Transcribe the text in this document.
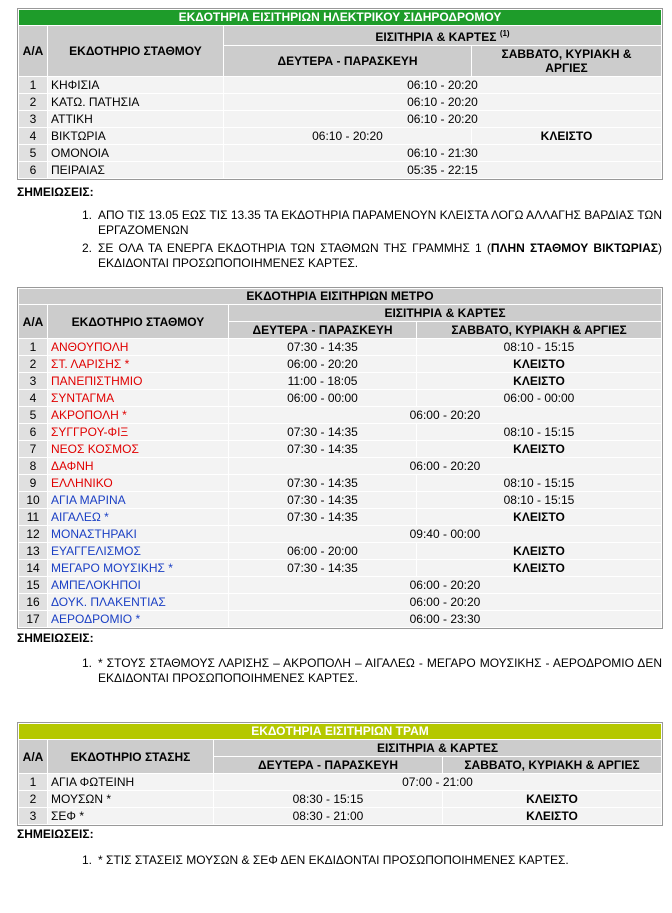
ΕΚΔΟΤΗΡΙΑ ΕΙΣΙΤΗΡΙΩΝ ΗΛΕΚΤΡΙΚΟΥ ΣΙΔΗΡΟΔΡΟΜΟΥ			
Α/Α	ΕΚΔΟΤΗΡΙΟ ΣΤΑΘΜΟΥ	ΕΙΣΙΤΗΡΙΑ & ΚΑΡΤΕΣ $^{(1)}$
		ΔΕΥΤΕΡΑ - ΠΑΡΑΣΚΕΥΗ	ΣΑΒΒΑΤΟ, ΚΥΡΙΑΚΗ & ΑΡΓΙΕΣ
1	ΚΗΦΙΣΙΑ	06:10 - 20:20	
2	ΚΑΤΩ. ΠΑΤΗΣΙΑ	06:10 - 20:20	
3	ΑΤΤΙΚΗ	06:10 - 20:20	
4	ΒΙΚΤΩΡΙΑ	06:10 - 20:20	ΚΛΕΙΣΤΟ
5	ΟΜΟΝΟΙΑ	06:10 - 21:30	
6	ΠΕΙΡΑΙΑΣ	05:35 - 22:15	
ΣΗΜΕΙΩΣΕΙΣ:
1. ΑΠΟ ΤΙΣ 13.05 ΕΩΣ ΤΙΣ 13.35 ΤΑ ΕΚΔΟΤΗΡΙΑ ΠΑΡΑΜΕΝΟΥΝ ΚΛΕΙΣΤΑ ΛΟΓΩ ΑΛΛΑΓΗΣ ΒΑΡΔΙΑΣ ΤΩΝ ΕΡΓΑΖΟΜΕΝΩΝ
2. ΣΕ ΟΛΑ ΤΑ ΕΝΕΡΓΑ ΕΚΔΟΤΗΡΙΑ ΤΩΝ ΣΤΑΘΜΩΝ ΤΗΣ ΓΡΑΜΜΗΣ 1 (ΠΛΗΝ ΣΤΑΘΜΟΥ ΒΙΚΤΩΡΙΑΣ) ΕΚΔΙΔΟΝΤΑΙ ΠΡΟΣΩΠΟΠΟΙΗΜΕΝΕΣ ΚΑΡΤΕΣ.
ΕΚΔΟΤΗΡΙΑ ΕΙΣΙΤΗΡΙΩΝ ΜΕΤΡΟ			
Α/Α	ΕΚΔΟΤΗΡΙΟ ΣΤΑΘΜΟΥ	ΕΙΣΙΤΗΡΙΑ & ΚΑΡΤΕΣ	
		ΔΕΥΤΕΡΑ - ΠΑΡΑΣΚΕΥΗ	ΣΑΒΒΑΤΟ, ΚΥΡΙΑΚΗ & ΑΡΓΙΕΣ
1	ΑΝΘΟΥΠΟΛΗ	07:30 - 14:35	08:10 - 15:15
2	ΣΤ. ΛΑΡΙΣΗΣ *	06:00 - 20:20	ΚΛΕΙΣΤΟ
3	ΠΑΝΕΠΙΣΤΗΜΙΟ	11:00 - 18:05	ΚΛΕΙΣΤΟ
4	ΣΥΝΤΑΓΜΑ	06:00 - 00:00	06:00 - 00:00
5	ΑΚΡΟΠΟΛΗ *	06:00 - 20:20	
6	ΣΥΓΓΡΟΥ-ΦΙΞ	07:30 - 14:35	08:10 - 15:15
7	ΝΕΟΣ ΚΟΣΜΟΣ	07:30 - 14:35	ΚΛΕΙΣΤΟ
8	ΔΑΦΝΗ	06:00 - 20:20	
9	ΕΛΛΗΝΙΚΟ	07:30 - 14:35	08:10 - 15:15
10	ΑΓΙΑ ΜΑΡΙΝΑ	07:30 - 14:35	08:10 - 15:15
11	ΑΙΓΑΛΕΩ *	07:30 - 14:35	ΚΛΕΙΣΤΟ
12	ΜΟΝΑΣΤΗΡΑΚΙ	09:40 - 00:00	
13	ΕΥΑΓΓΕΛΙΣΜΟΣ	06:00 - 20:00	ΚΛΕΙΣΤΟ
14	ΜΕΓΑΡΟ ΜΟΥΣΙΚΗΣ *	07:30 - 14:35	ΚΛΕΙΣΤΟ
15	ΑΜΠΕΛΟΚΗΠΟΙ	06:00 - 20:20	
16	ΔΟΥΚ. ΠΛΑΚΕΝΤΙΑΣ	06:00 - 20:20	
17	ΑΕΡΟΔΡΟΜΙΟ *	06:00 - 23:30	
ΣΗΜΕΙΩΣΕΙΣ:
1. * ΣΤΟΥΣ ΣΤΑΘΜΟΥΣ ΛΑΡΙΣΗΣ – ΑΚΡΟΠΟΛΗ – ΑΙΓΑΛΕΩ - ΜΕΓΑΡΟ ΜΟΥΣΙΚΗΣ - ΑΕΡΟΔΡΟΜΙΟ ΔΕΝ ΕΚΔΙΔΟΝΤΑΙ ΠΡΟΣΩΠΟΠΟΙΗΜΕΝΕΣ ΚΑΡΤΕΣ.
ΕΚΔΟΤΗΡΙΑ ΕΙΣΙΤΗΡΙΩΝ ΤΡΑΜ			
Α/Α	ΕΚΔΟΤΗΡΙΟ ΣΤΑΣΗΣ	ΕΙΣΙΤΗΡΙΑ & ΚΑΡΤΕΣ	
		ΔΕΥΤΕΡΑ - ΠΑΡΑΣΚΕΥΗ	ΣΑΒΒΑΤΟ, ΚΥΡΙΑΚΗ & ΑΡΓΙΕΣ
1	ΑΓΙΑ ΦΩΤΕΙΝΗ	07:00 - 21:00	
2	ΜΟΥΣΩΝ *	08:30 - 15:15	ΚΛΕΙΣΤΟ
3	ΣΕΦ *	08:30 - 21:00	ΚΛΕΙΣΤΟ
ΣΗΜΕΙΩΣΕΙΣ:
1. * ΣΤΙΣ ΣΤΑΣΕΙΣ ΜΟΥΣΩΝ & ΣΕΦ ΔΕΝ ΕΚΔΙΔΟΝΤΑΙ ΠΡΟΣΩΠΟΠΟΙΗΜΕΝΕΣ ΚΑΡΤΕΣ.
